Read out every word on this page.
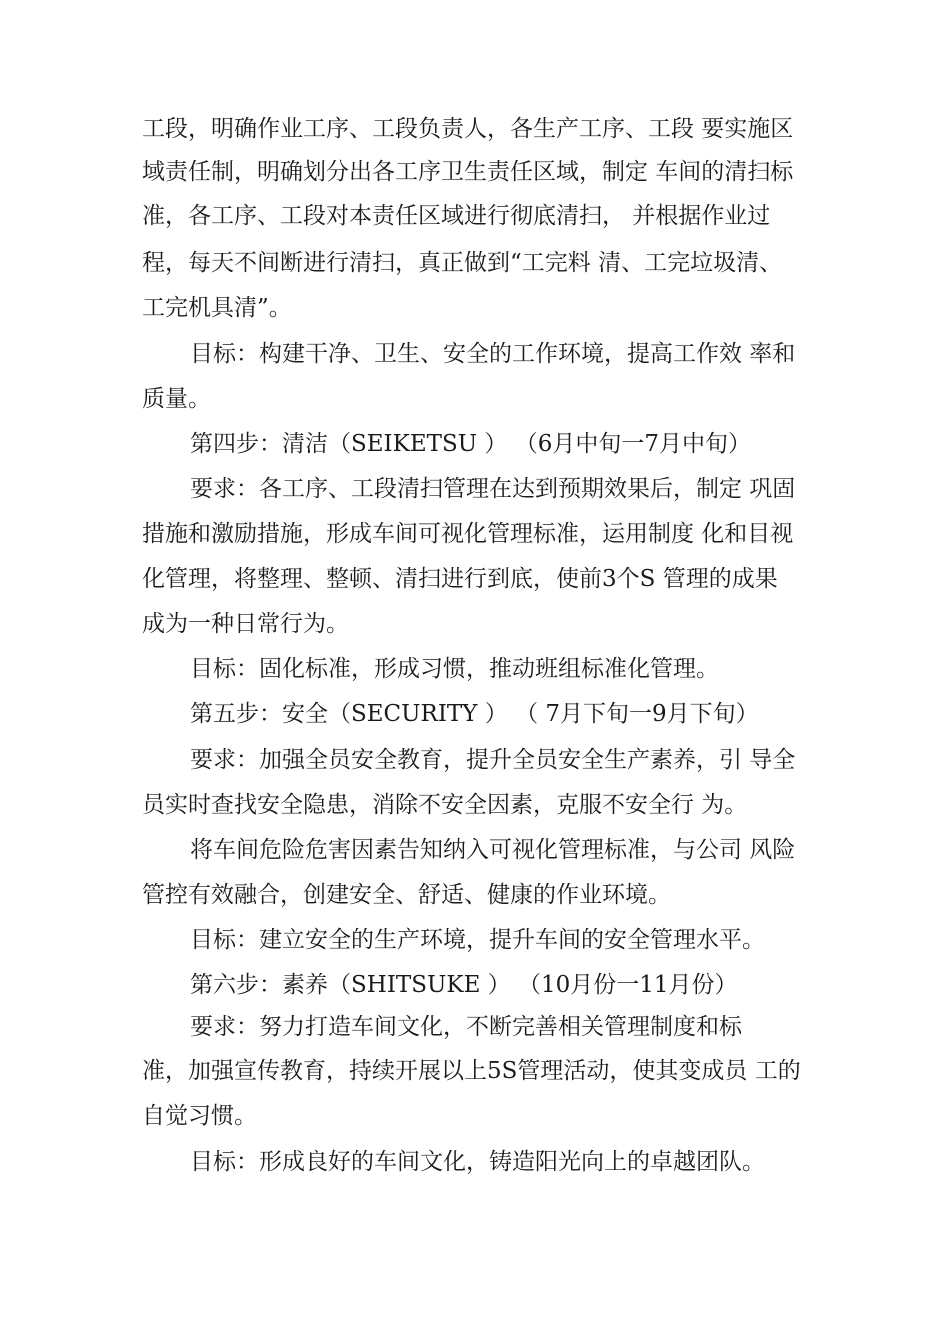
工段，明确作业工序、工段负责人，各生产工序、工段 要实施区
域责任制，明确划分出各工序卫生责任区域，制定 车间的清扫标
准，各工序、工段对本责任区域进行彻底清扫， 并根据作业过
程，每天不间断进行清扫，真正做到“工完料 清、工完垃圾清、
工完机具清”。
目标：构建干净、卫生、安全的工作环境，提高工作效 率和
质量。
第四步：清洁（SEIKETSU ） （6月中旬一7月中旬）
要求：各工序、工段清扫管理在达到预期效果后，制定 巩固
措施和激励措施，形成车间可视化管理标准，运用制度 化和目视
化管理，将整理、整顿、清扫进行到底，使前3个S 管理的成果
成为一种日常行为。
目标：固化标准，形成习惯，推动班组标准化管理。
第五步：安全（SECURITY ） （ 7月下旬一9月下旬）
要求：加强全员安全教育，提升全员安全生产素养，引 导全
员实时查找安全隐患，消除不安全因素，克服不安全行 为。
将车间危险危害因素告知纳入可视化管理标准，与公司 风险
管控有效融合，创建安全、舒适、健康的作业环境。
目标：建立安全的生产环境，提升车间的安全管理水平。
第六步：素养（SHITSUKE ） （10月份一11月份）
要求：努力打造车间文化，不断完善相关管理制度和标
准，加强宣传教育，持续开展以上5S管理活动，使其变成员 工的
自觉习惯。
目标：形成良好的车间文化，铸造阳光向上的卓越团队。
